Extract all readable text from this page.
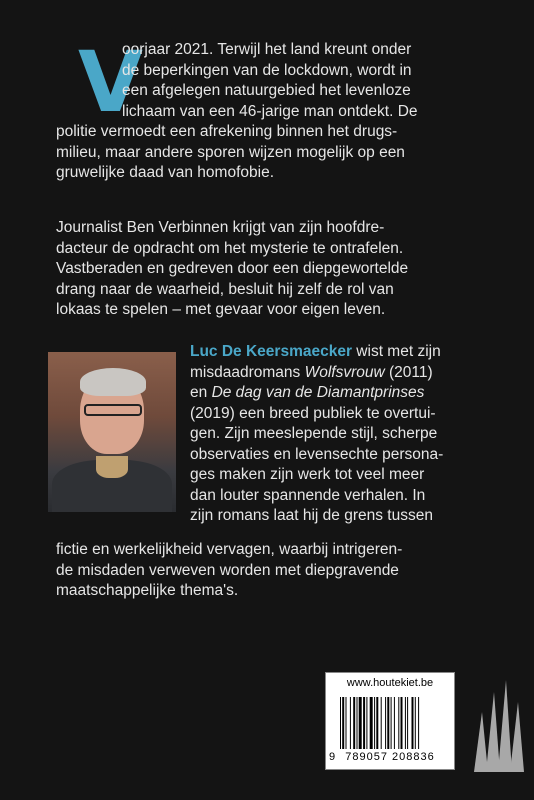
V
oorjaar 2021. Terwijl het land kreunt onder
de beperkingen van de lockdown, wordt in
een afgelegen natuurgebied het levenloze
lichaam van een 46-jarige man ontdekt. De
politie vermoedt een afrekening binnen het drugs-
milieu, maar andere sporen wijzen mogelijk op een
gruwelijke daad van homofobie.
Journalist Ben Verbinnen krijgt van zijn hoofdre-
dacteur de opdracht om het mysterie te ontrafelen.
Vastberaden en gedreven door een diepgewortelde
drang naar de waarheid, besluit hij zelf de rol van
lokaas te spelen – met gevaar voor eigen leven.
Luc De Keersmaecker wist met zijn
misdaadromans Wolfsvrouw (2011)
en De dag van de Diamantprinses
(2019) een breed publiek te overtui-
gen. Zijn meeslepende stijl, scherpe
observaties en levensechte persona-
ges maken zijn werk tot veel meer
dan louter spannende verhalen. In
zijn romans laat hij de grens tussen
fictie en werkelijkheid vervagen, waarbij intrigeren-
de misdaden verweven worden met diepgravende
maatschappelijke thema's.
www.houtekiet.be
9 789057 208836
